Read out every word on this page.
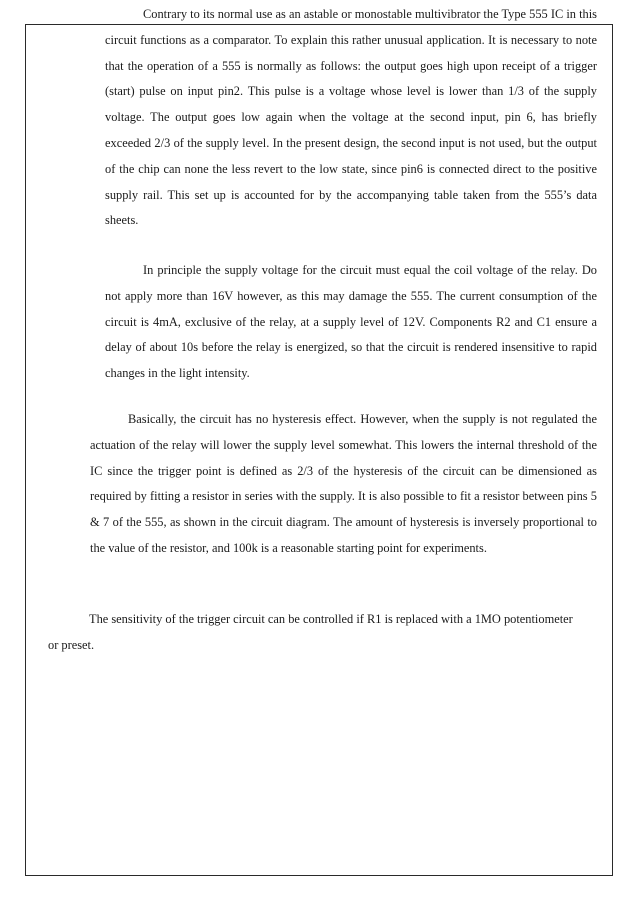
Contrary to its normal use as an astable or monostable multivibrator the Type 555 IC in this circuit functions as a comparator. To explain this rather unusual application. It is necessary to note that the operation of a 555 is normally as follows: the output goes high upon receipt of a trigger (start) pulse on input pin2. This pulse is a voltage whose level is lower than 1/3 of the supply voltage. The output goes low again when the voltage at the second input, pin 6, has briefly exceeded 2/3 of the supply level. In the present design, the second input is not used, but the output of the chip can none the less revert to the low state, since pin6 is connected direct to the positive supply rail. This set up is accounted for by the accompanying table taken from the 555’s data sheets.

In principle the supply voltage for the circuit must equal the coil voltage of the relay. Do not apply more than 16V however, as this may damage the 555. The current consumption of the circuit is 4mA, exclusive of the relay, at a supply level of 12V. Components R2 and C1 ensure a delay of about 10s before the relay is energized, so that the circuit is rendered insensitive to rapid changes in the light intensity.

Basically, the circuit has no hysteresis effect. However, when the supply is not regulated the actuation of the relay will lower the supply level somewhat. This lowers the internal threshold of the IC since the trigger point is defined as 2/3 of the hysteresis of the circuit can be dimensioned as required by fitting a resistor in series with the supply. It is also possible to fit a resistor between pins 5 & 7 of the 555, as shown in the circuit diagram. The amount of hysteresis is inversely proportional to the value of the resistor, and 100k is a reasonable starting point for experiments.

The sensitivity of the trigger circuit can be controlled if R1 is replaced with a 1MO potentiometer or preset.
